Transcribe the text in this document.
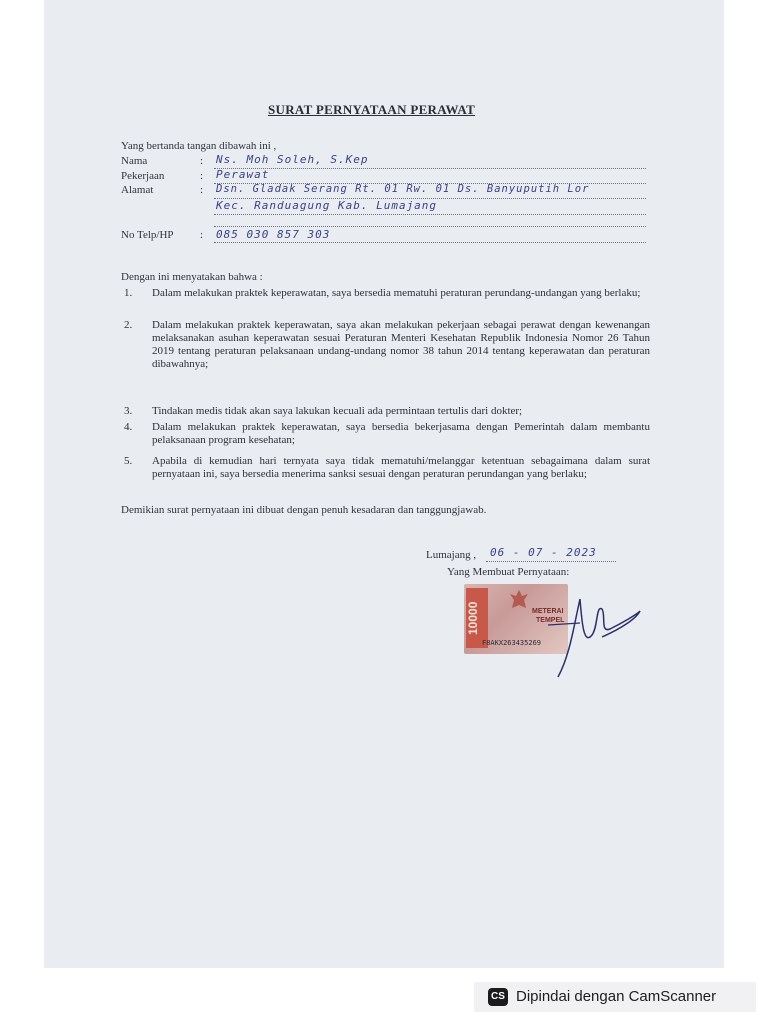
SURAT PERNYATAAN PERAWAT
Yang bertanda tangan dibawah ini ,
Nama	: Ns. Moh Soleh, S.Kep
Pekerjaan	: Perawat
Alamat	: Dsn. Gladak Serang Rt. 01 Rw. 01 Ds. Banyuputih Lor
Kec. Randuagung Kab. Lumajang
No Telp/HP : 085 030 857 303
Dengan ini menyatakan bahwa :
1. Dalam melakukan praktek keperawatan, saya bersedia mematuhi peraturan perundang-undangan yang berlaku;
2. Dalam melakukan praktek keperawatan, saya akan melakukan pekerjaan sebagai perawat dengan kewenangan melaksanakan asuhan keperawatan sesuai Peraturan Menteri Kesehatan Republik Indonesia Nomor 26 Tahun 2019 tentang peraturan pelaksanaan undang-undang nomor 38 tahun 2014 tentang keperawatan dan peraturan dibawahnya;
3. Tindakan medis tidak akan saya lakukan kecuali ada permintaan tertulis dari dokter;
4. Dalam melakukan praktek keperawatan, saya bersedia bekerjasama dengan Pemerintah dalam membantu pelaksanaan program kesehatan;
5. Apabila di kemudian hari ternyata saya tidak mematuhi/melanggar ketentuan sebagaimana dalam surat pernyataan ini, saya bersedia menerima sanksi sesuai dengan peraturan perundangan yang berlaku;
Demikian surat pernyataan ini dibuat dengan penuh kesadaran dan tanggungjawab.
Lumajang , 06 - 07 - 2023
Yang Membuat Pernyataan:
10000	METERAI
TEMPEL
F8AKX263435269
CS Dipindai dengan CamScanner
